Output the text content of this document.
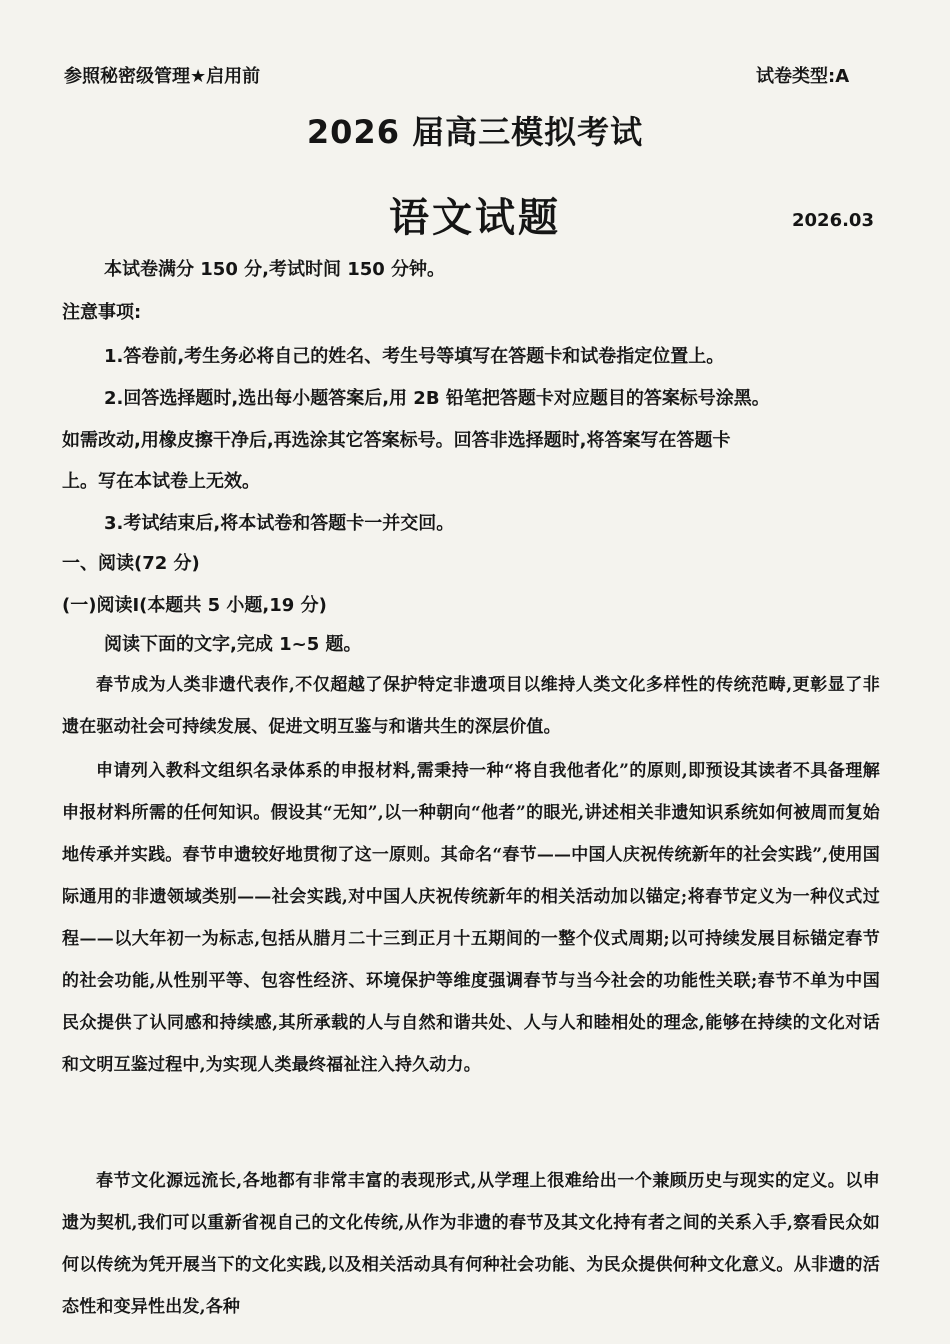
参照秘密级管理★启用前	试卷类型:A
2026 届高三模拟考试
语文试题	2026.03
本试卷满分 150 分,考试时间 150 分钟。
注意事项:
1.答卷前,考生务必将自己的姓名、考生号等填写在答题卡和试卷指定位置上。
2.回答选择题时,选出每小题答案后,用 2B 铅笔把答题卡对应题目的答案标号涂黑。
如需改动,用橡皮擦干净后,再选涂其它答案标号。回答非选择题时,将答案写在答题卡
上。写在本试卷上无效。
3.考试结束后,将本试卷和答题卡一并交回。
一、阅读(72 分)
(一)阅读Ⅰ(本题共 5 小题,19 分)
阅读下面的文字,完成 1~5 题。
春节成为人类非遗代表作,不仅超越了保护特定非遗项目以维持人类文化多样性的传统范畴,更彰显了非遗在驱动社会可持续发展、促进文明互鉴与和谐共生的深层价值。
申请列入教科文组织名录体系的申报材料,需秉持一种“将自我他者化”的原则,即预设其读者不具备理解申报材料所需的任何知识。假设其“无知”,以一种朝向“他者”的眼光,讲述相关非遗知识系统如何被周而复始地传承并实践。春节申遗较好地贯彻了这一原则。其命名“春节——中国人庆祝传统新年的社会实践”,使用国际通用的非遗领域类别——社会实践,对中国人庆祝传统新年的相关活动加以锚定;将春节定义为一种仪式过程——以大年初一为标志,包括从腊月二十三到正月十五期间的一整个仪式周期;以可持续发展目标锚定春节的社会功能,从性别平等、包容性经济、环境保护等维度强调春节与当今社会的功能性关联;春节不单为中国民众提供了认同感和持续感,其所承载的人与自然和谐共处、人与人和睦相处的理念,能够在持续的文化对话和文明互鉴过程中,为实现人类最终福祉注入持久动力。
春节文化源远流长,各地都有非常丰富的表现形式,从学理上很难给出一个兼顾历史与现实的定义。以申遗为契机,我们可以重新省视自己的文化传统,从作为非遗的春节及其文化持有者之间的关系入手,察看民众如何以传统为凭开展当下的文化实践,以及相关活动具有何种社会功能、为民众提供何种文化意义。从非遗的活态性和变异性出发,各种
